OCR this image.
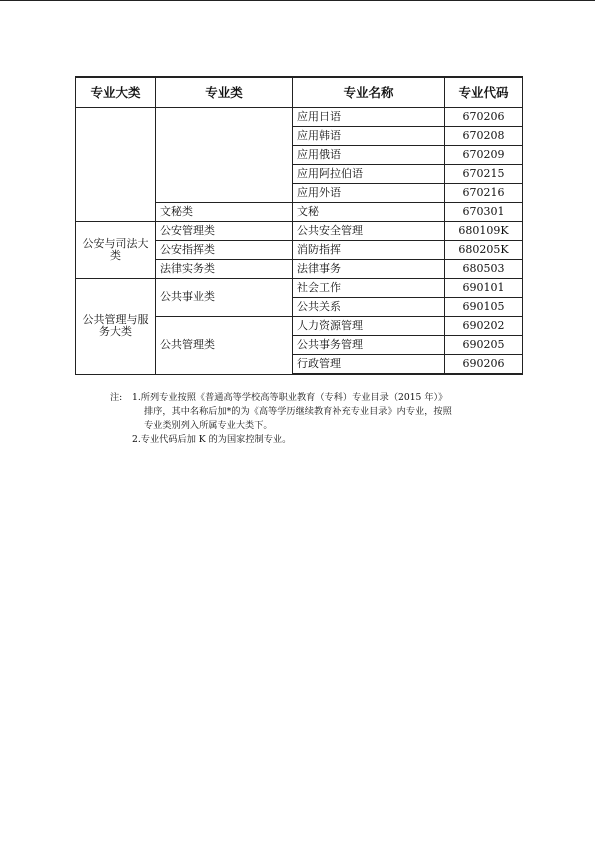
专业大类	专业类	专业名称	专业代码
		应用日语	670206
		应用韩语	670208
		应用俄语	670209
		应用阿拉伯语	670215
		应用外语	670216
	文秘类	文秘	670301
公安与司法大类	公安管理类	公共安全管理	680109K
	公安指挥类	消防指挥	680205K
	法律实务类	法律事务	680503
公共管理与服务大类	公共事业类	社会工作	690101
		公共关系	690105
	公共管理类	人力资源管理	690202
		公共事务管理	690205
		行政管理	690206
注: 1.所列专业按照《普通高等学校高等职业教育（专科）专业目录（2015 年）》
排序，其中名称后加*的为《高等学历继续教育补充专业目录》内专业，按照
专业类别列入所属专业大类下。
2.专业代码后加 K 的为国家控制专业。
